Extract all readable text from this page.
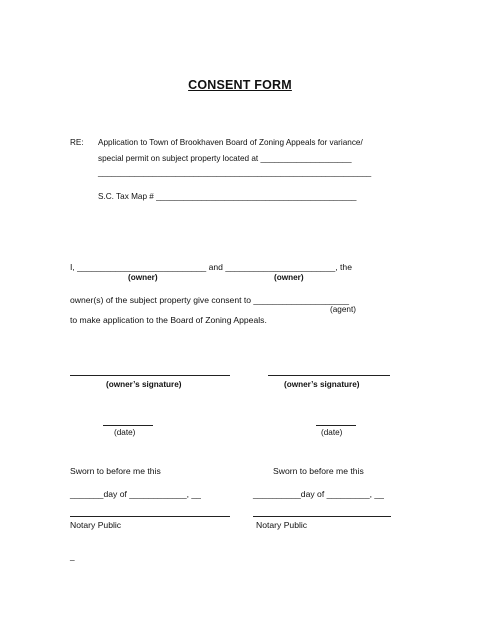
CONSENT FORM
RE: Application to Town of Brookhaven Board of Zoning Appeals for variance/
special permit on subject property located at ____________________
____________________________________________________________
S.C. Tax Map # ____________________________________________
I, ___________________________ and _______________________, the
(owner)	(owner)
owner(s) of the subject property give consent to ____________________
(agent)
to make application to the Board of Zoning Appeals.
(owner’s signature)	(owner’s signature)
(date)	(date)
Sworn to before me this	Sworn to before me this
_______day of ____________, __	__________day of _________, __
Notary Public	Notary Public
_
